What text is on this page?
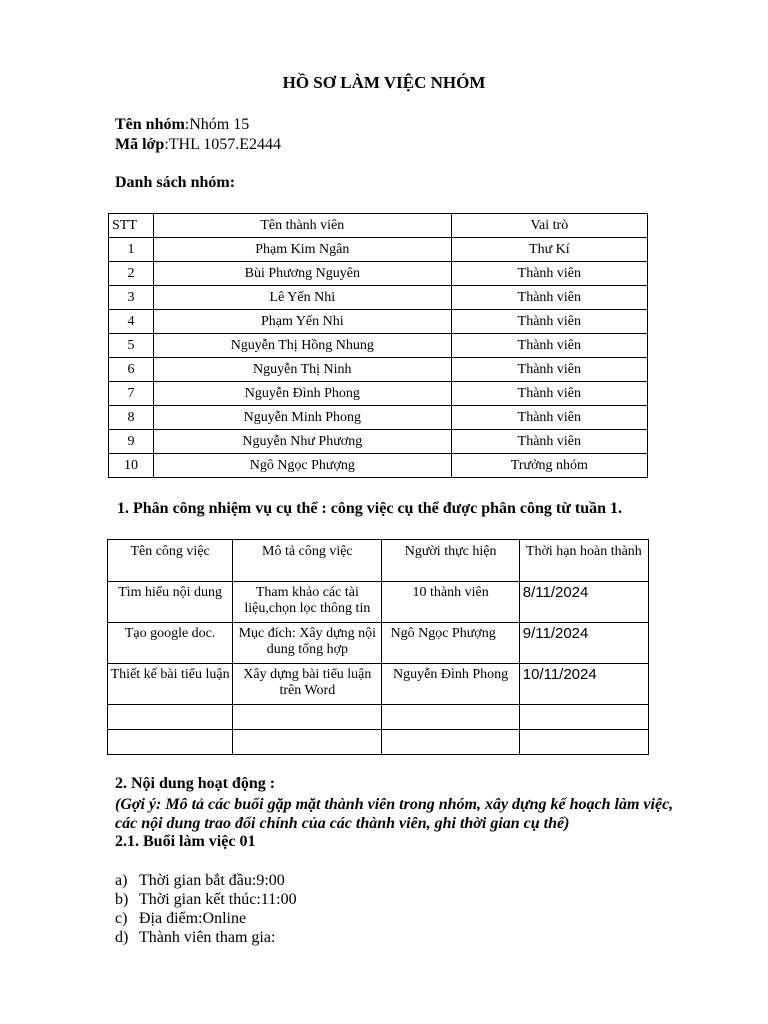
HỒ SƠ LÀM VIỆC NHÓM
Tên nhóm:Nhóm 15
Mã lớp:THL 1057.E2444
Danh sách nhóm:
STT	Tên thành viên	Vai trò
1	Phạm Kim Ngân	Thư Kí
2	Bùi Phương Nguyên	Thành viên
3	Lê Yến Nhi	Thành viên
4	Phạm Yến Nhi	Thành viên
5	Nguyễn Thị Hồng Nhung	Thành viên
6	Nguyễn Thị Ninh	Thành viên
7	Nguyễn Đình Phong	Thành viên
8	Nguyễn Minh Phong	Thành viên
9	Nguyễn Như Phương	Thành viên
10	Ngô Ngọc Phượng	Trưởng nhóm
1. Phân công nhiệm vụ cụ thể : công việc cụ thể được phân công từ tuần 1.
Tên công việc	Mô tả công việc	Người thực hiện	Thời hạn hoàn thành
Tìm hiểu nội dung	Tham khảo các tài liệu,chọn lọc thông tin	10 thành viên	8/11/2024
Tạo google doc.	Mục đích: Xây dựng nội dung tổng hợp	Ngô Ngọc Phượng	9/11/2024
Thiết kế bài tiểu luận	Xây dựng bài tiểu luận trên Word	Nguyễn Đình Phong	10/11/2024

2. Nội dung hoạt động :
(Gợi ý: Mô tả các buổi gặp mặt thành viên trong nhóm, xây dựng kế hoạch làm việc, các nội dung trao đổi chính của các thành viên, ghi thời gian cụ thể)
2.1. Buổi làm việc 01
a) Thời gian bắt đầu:9:00
b) Thời gian kết thúc:11:00
c) Địa điểm:Online
d) Thành viên tham gia:
